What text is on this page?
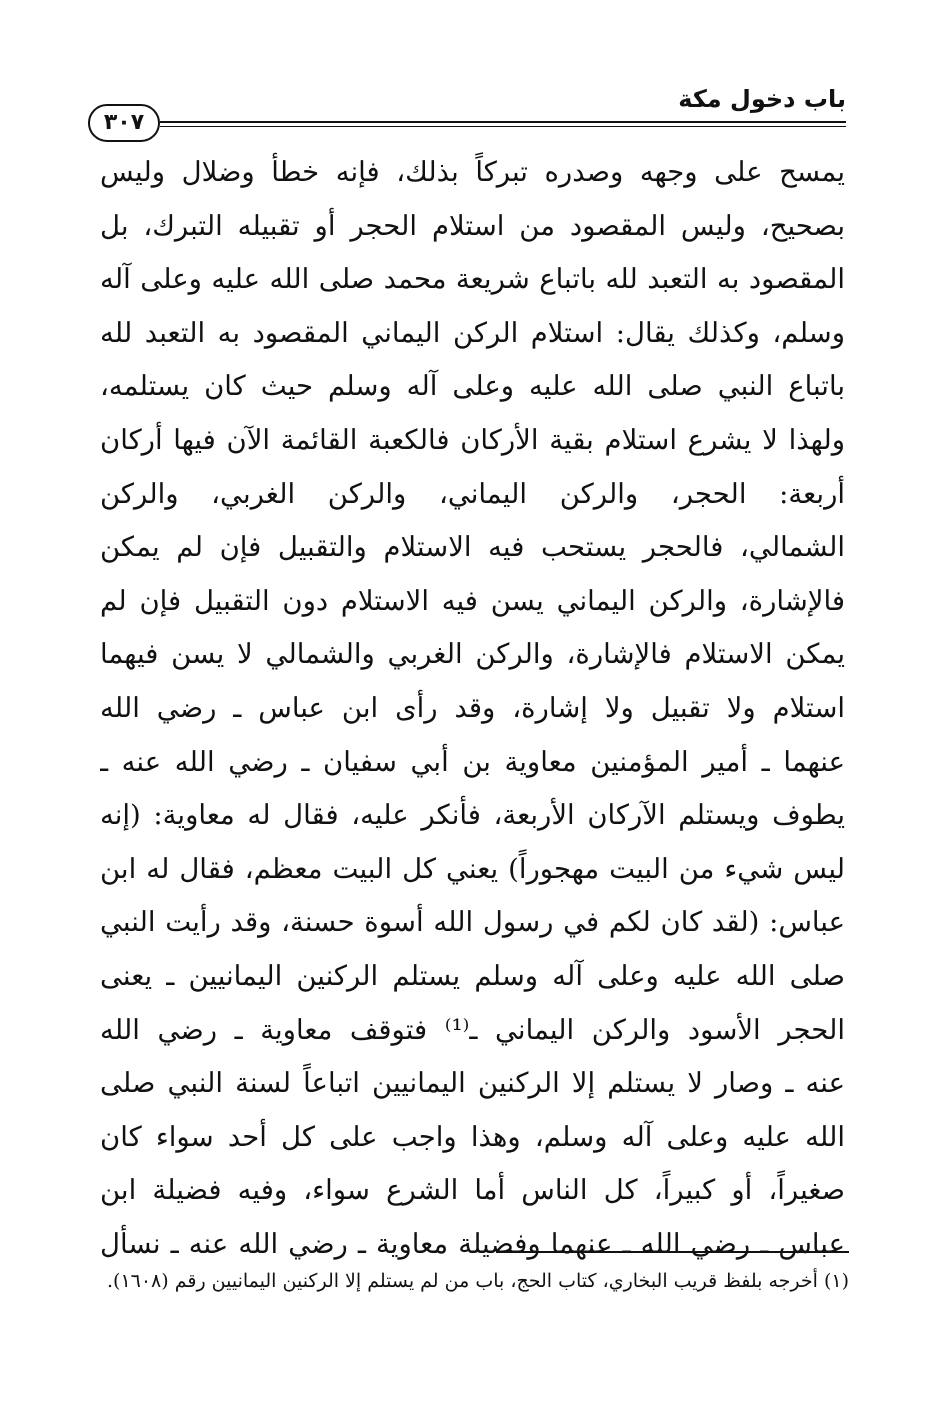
باب دخول مكة
٣٠٧
يمسح على وجهه وصدره تبركاً بذلك، فإنه خطأ وضلال وليس
بصحيح، وليس المقصود من استلام الحجر أو تقبيله التبرك، بل
المقصود به التعبد لله باتباع شريعة محمد صلى الله عليه وعلى آله
وسلم، وكذلك يقال: استلام الركن اليماني المقصود به التعبد لله
باتباع النبي صلى الله عليه وعلى آله وسلم حيث كان يستلمه،
ولهذا لا يشرع استلام بقية الأركان فالكعبة القائمة الآن فيها أركان
أربعة: الحجر، والركن اليماني، والركن الغربي، والركن
الشمالي، فالحجر يستحب فيه الاستلام والتقبيل فإن لم يمكن
فالإشارة، والركن اليماني يسن فيه الاستلام دون التقبيل فإن لم
يمكن الاستلام فالإشارة، والركن الغربي والشمالي لا يسن فيهما
استلام ولا تقبيل ولا إشارة، وقد رأى ابن عباس ـ رضي الله
عنهما ـ أمير المؤمنين معاوية بن أبي سفيان ـ رضي الله عنه ـ
يطوف ويستلم الآركان الأربعة، فأنكر عليه، فقال له معاوية: (إنه
ليس شيء من البيت مهجوراً) يعني كل البيت معظم، فقال له ابن
عباس: (لقد كان لكم في رسول الله أسوة حسنة، وقد رأيت النبي
صلى الله عليه وعلى آله وسلم يستلم الركنين اليمانيين ـ يعنى
الحجر الأسود والركن اليماني ـ⁽¹⁾ فتوقف معاوية ـ رضي الله
عنه ـ وصار لا يستلم إلا الركنين اليمانيين اتباعاً لسنة النبي صلى
الله عليه وعلى آله وسلم، وهذا واجب على كل أحد سواء كان
صغيراً، أو كبيراً، كل الناس أما الشرع سواء، وفيه فضيلة ابن
عباس ـ رضي الله ـ عنهما وفضيلة معاوية ـ رضي الله عنه ـ نسأل
(١) أخرجه بلفظ قريب البخاري، كتاب الحج، باب من لم يستلم إلا الركنين اليمانيين رقم (١٦٠٨).
